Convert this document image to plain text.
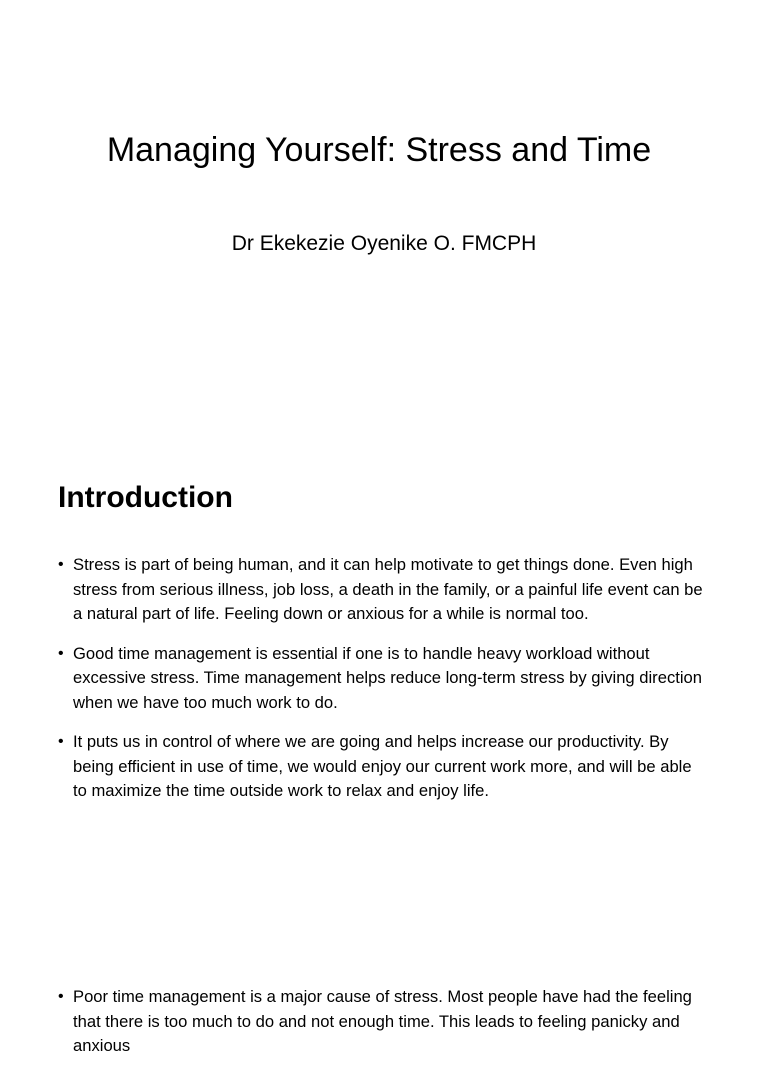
Managing Yourself: Stress and Time

Dr Ekekezie Oyenike O. FMCPH

Introduction
• Stress is part of being human, and it can help motivate to get things done. Even high stress from serious illness, job loss, a death in the family, or a painful life event can be a natural part of life. Feeling down or anxious for a while is normal too.
• Good time management is essential if one is to handle heavy workload without excessive stress. Time management helps reduce long-term stress by giving direction when we have too much work to do.
• It puts us in control of where we are going and helps increase our productivity. By being efficient in use of time, we would enjoy our current work more, and will be able to maximize the time outside work to relax and enjoy life.
• Poor time management is a major cause of stress. Most people have had the feeling that there is too much to do and not enough time. This leads to feeling panicky and anxious
